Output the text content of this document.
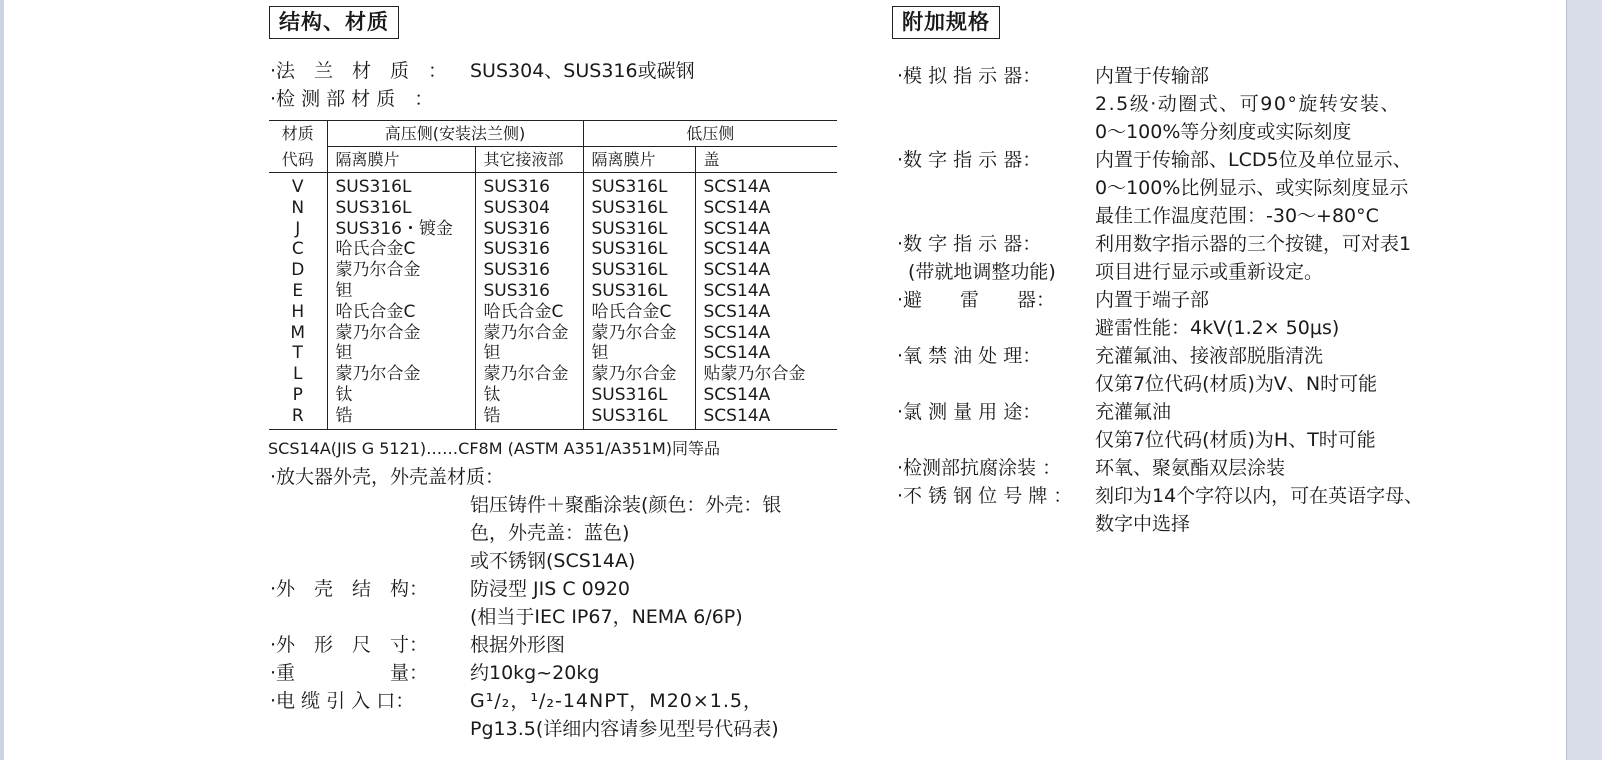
结构、材质
·法　兰　材　质　： SUS304、SUS316或碳钢
·检 测 部 材 质　：
材质	高压侧(安装法兰侧)		低压侧	
代码	隔离膜片	其它接液部	隔离膜片	盖
V	SUS316L	SUS316	SUS316L	SCS14A
N	SUS316L	SUS304	SUS316L	SCS14A
J	SUS316・镀金	SUS316	SUS316L	SCS14A
C	哈氏合金C	SUS316	SUS316L	SCS14A
D	蒙乃尔合金	SUS316	SUS316L	SCS14A
E	钽	SUS316	SUS316L	SCS14A
H	哈氏合金C	哈氏合金C	哈氏合金C	SCS14A
M	蒙乃尔合金	蒙乃尔合金	蒙乃尔合金	SCS14A
T	钽	钽	钽	SCS14A
L	蒙乃尔合金	蒙乃尔合金	蒙乃尔合金	贴蒙乃尔合金
P	钛	钛	SUS316L	SCS14A
R	锆	锆	SUS316L	SCS14A
SCS14A(JIS G 5121)……CF8M (ASTM A351/A351M)同等品
·放大器外壳，外壳盖材质：
铝压铸件＋聚酯涂装(颜色：外壳：银
色，外壳盖：蓝色)
或不锈钢(SCS14A)
·外　壳　结　构： 防浸型 JIS C 0920
(相当于IEC IP67，NEMA 6/6P)
·外　形　尺　寸： 根据外形图
·重　　　　　量： 约10kg~20kg
·电 缆 引 入 口：	G¹/₂，¹/₂-14NPT，M20×1.5，
Pg13.5(详细内容请参见型号代码表)
附加规格
·模 拟 指 示 器：	内置于传输部
2.5级·动圈式、可90°旋转安装、
0～100%等分刻度或实际刻度
·数 字 指 示 器：	内置于传输部、LCD5位及单位显示、
0～100%比例显示、或实际刻度显示
最佳工作温度范围：-30～+80°C
·数 字 指 示 器：
(带就地调整功能)
利用数字指示器的三个按键，可对表1
项目进行显示或重新设定。
·避　　雷　　器： 内置于端子部
避雷性能：4kV(1.2× 50μs)
·氧 禁 油 处 理：	充灌氟油、接液部脱脂清洗
仅第7位代码(材质)为V、N时可能
·氯 测 量 用 途：	充灌氟油
仅第7位代码(材质)为H、T时可能
·检测部抗腐涂装 ： 环氧、聚氨酯双层涂装
·不 锈 钢 位 号 牌 ： 刻印为14个字符以内，可在英语字母、
数字中选择
